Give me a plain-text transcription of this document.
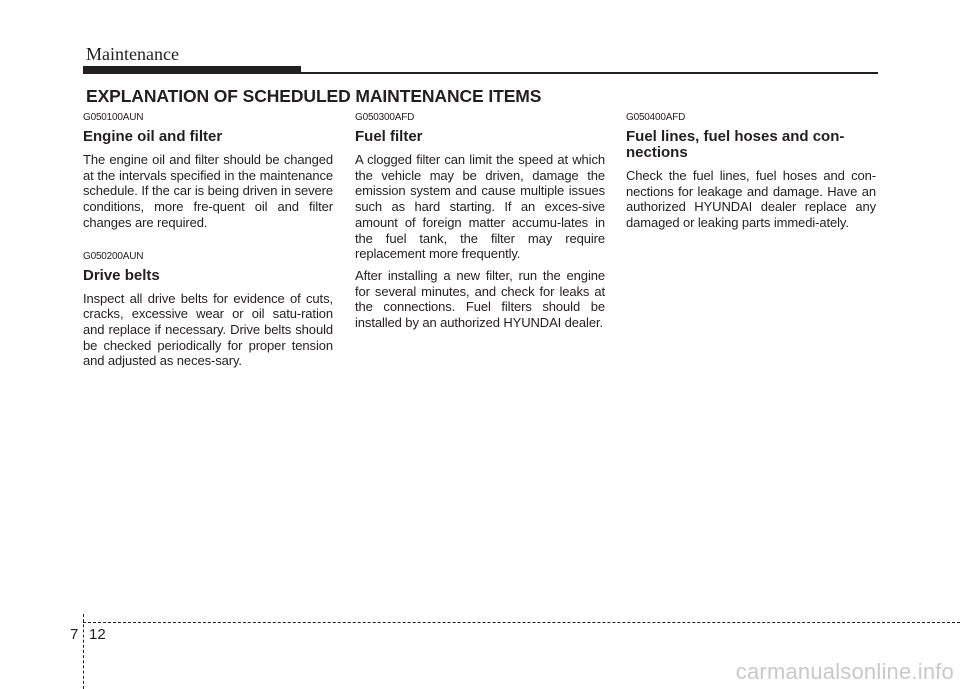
Maintenance
EXPLANATION OF SCHEDULED MAINTENANCE ITEMS
G050100AUN
Engine oil and filter

The engine oil and filter should be changed at the intervals specified in the maintenance schedule. If the car is being driven in severe conditions, more fre-quent oil and filter changes are required.

G050200AUN
Drive belts

Inspect all drive belts for evidence of cuts, cracks, excessive wear or oil satu-ration and replace if necessary. Drive belts should be checked periodically for proper tension and adjusted as neces-sary.

G050300AFD
Fuel filter

A clogged filter can limit the speed at which the vehicle may be driven, damage the emission system and cause multiple issues such as hard starting. If an exces-sive amount of foreign matter accumu-lates in the fuel tank, the filter may require replacement more frequently.

After installing a new filter, run the engine for several minutes, and check for leaks at the connections. Fuel filters should be installed by an authorized HYUNDAI dealer.

G050400AFD
Fuel lines, fuel hoses and con-nections

Check the fuel lines, fuel hoses and con-nections for leakage and damage. Have an authorized HYUNDAI dealer replace any damaged or leaking parts immedi-ately.

7 12
carmanualsonline.info
